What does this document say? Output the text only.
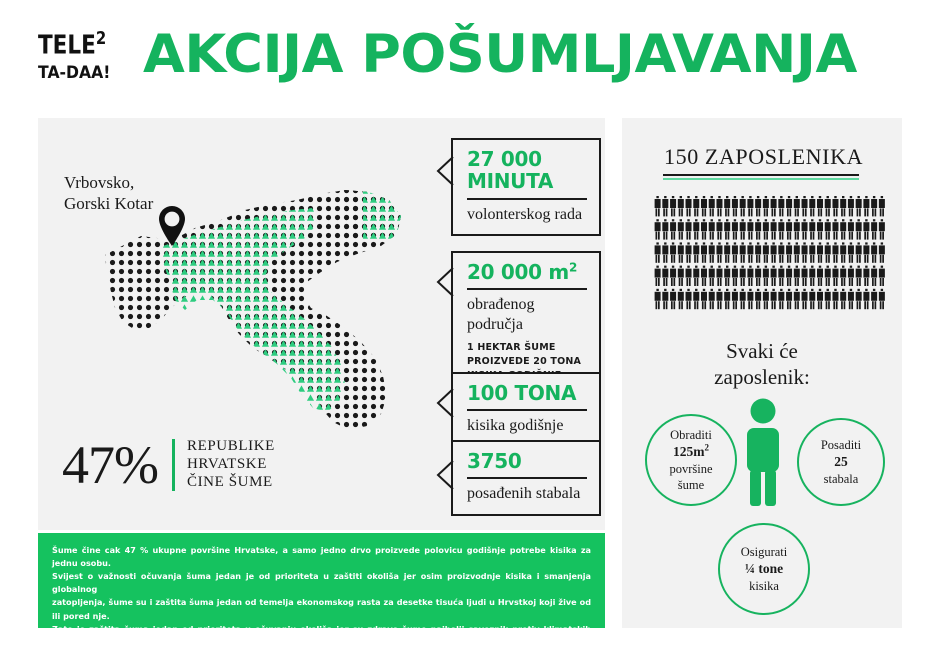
TELE$^2$
TA-DAA! AKCIJA POŠUMLJAVANJA
Vrbovsko,
Gorski Kotar
47% REPUBLIKE
HRVATSKE
ČINE ŠUME
27 000
MINUTA
volonterskog rada
20 000 $m^2$
obrađenog područja
1 HEKTAR ŠUME
PROIZVEDE 20 TONA
100 TONA
kisika godišnje
3750
posađenih stabala
150 ZAPOSLENIKA
Svaki će
zaposlenik:
Obraditi
$125m^2$
površine
šume
Posaditi
25
stabala
Osigurati
¼ tone
kisika

Šume čine cak 47 % ukupne površine Hrvatske, a samo jedno drvo proizvede polovicu godišnje potrebe kisika za jednu osobu.

Svijest o važnosti očuvanja šuma jedan je od prioriteta u zaštiti okoliša jer osim proizvodnje kisika i smanjenja globalnog

zatopljenja, šume su i zaštita šuma jedan od temelja ekonomskog rasta za desetke tisuća ljudi u Hrvstkoj koji žive od ili pored nje.

Zato je zaštita šuma jedan od prioriteta u očuvanju okoliša jer su zdrave šume najbolji saveznik protiv klimatskih promjena,

a samo odgovornim gospodarenjem moći ćemo ih sačuvati za buduće generacije.
